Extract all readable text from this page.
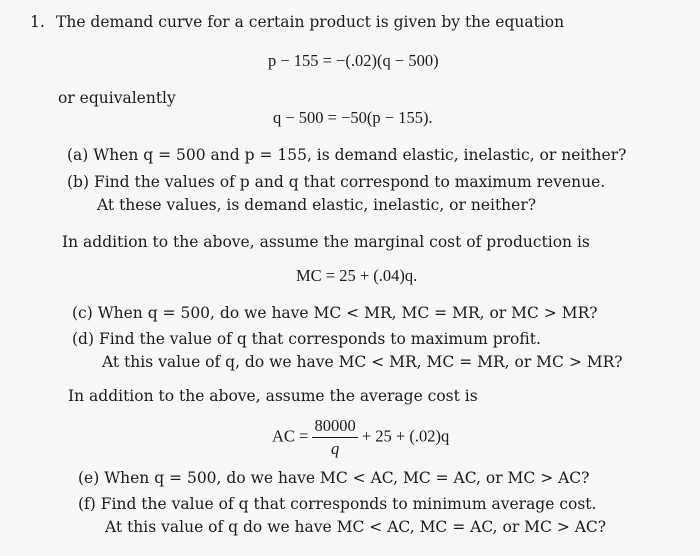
1. The demand curve for a certain product is given by the equation
p − 155 = −(.02)(q − 500)
or equivalently
q − 500 = −50(p − 155).
(a) When q = 500 and p = 155, is demand elastic, inelastic, or neither?
(b) Find the values of p and q that correspond to maximum revenue.
At these values, is demand elastic, inelastic, or neither?
In addition to the above, assume the marginal cost of production is
MC = 25 + (.04)q.
(c) When q = 500, do we have MC < MR, MC = MR, or MC > MR?
(d) Find the value of q that corresponds to maximum profit.
At this value of q, do we have MC < MR, MC = MR, or MC > MR?
In addition to the above, assume the average cost is
AC = $\frac{80000}{q} + 25 + (.02)q$
(e) When q = 500, do we have MC < AC, MC = AC, or MC > AC?
(f) Find the value of q that corresponds to minimum average cost.
At this value of q do we have MC < AC, MC = AC, or MC > AC?
